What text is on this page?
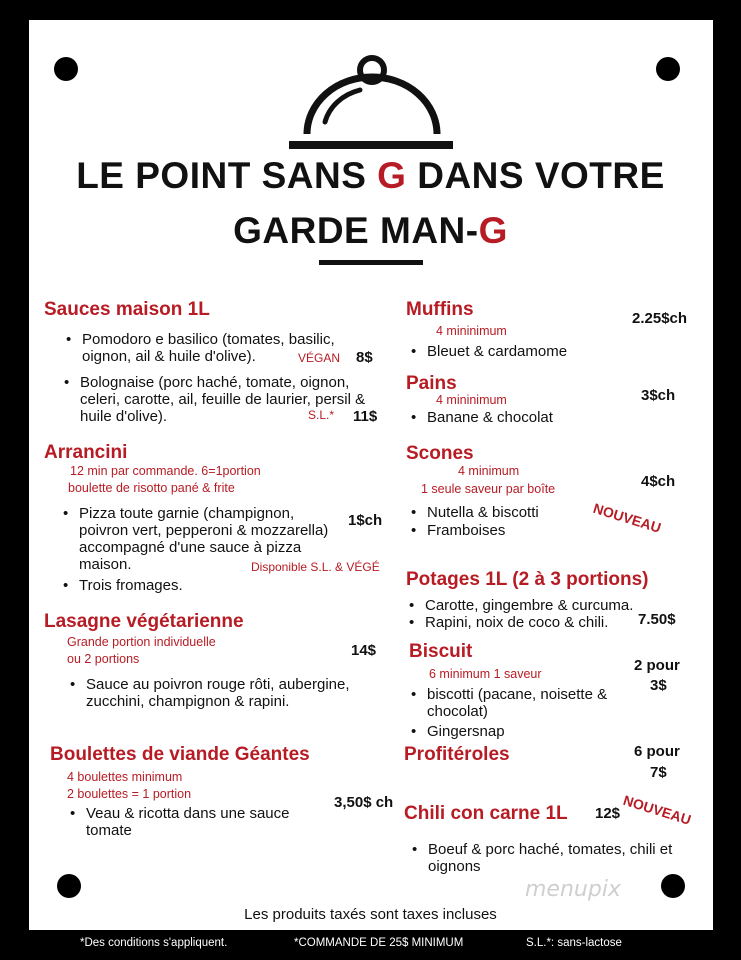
LE POINT SANS G DANS VOTRE
GARDE MAN-G
Sauces maison 1L
• Pomodoro e basilico (tomates, basilic, oignon, ail & huile d'olive).	VÉGAN 8$
• Bolognaise (porc haché, tomate, oignon, celeri, carotte, ail, feuille de laurier, persil & huile d'olive).	S.L.* 11$
Arrancini
12 min par commande. 6=1portion
boulette de risotto pané & frite
• Pizza toute garnie (champignon, poivron vert, pepperoni & mozzarella) accompagné d'une sauce à pizza maison.
1$ch
Disponible S.L. & VÉGÉ
• Trois fromages.
Lasagne végétarienne
Grande portion individuelle
ou 2 portions	14$
• Sauce au poivron rouge rôti, aubergine, zucchini, champignon & rapini.
Boulettes de viande Géantes
4 boulettes minimum
2 boulettes = 1 portion	3,50$ ch
• Veau & ricotta dans une sauce tomate
Muffins
4 mininimum
2.25$ch
• Bleuet & cardamome
Pains
4 mininimum	3$ch
• Banane & chocolat
Scones
4 minimum
1 seule saveur par boîte	4$ch
• Nutella & biscotti
• Framboises	NOUVEAU
Potages 1L (2 à 3 portions)
• Carotte, gingembre & curcuma.
• Rapini, noix de coco & chili.	7.50$
Biscuit
6 minimum 1 saveur	2 pour
3$
• biscotti (pacane, noisette & chocolat)
• Gingersnap
Profitéroles	6 pour
7$
Chili con carne 1L 12$ NOUVEAU
• Boeuf & porc haché, tomates, chili et oignons
menupix
Les produits taxés sont taxes incluses
*Des conditions s'appliquent.	*COMMANDE DE 25$ MINIMUM	S.L.*: sans-lactose
